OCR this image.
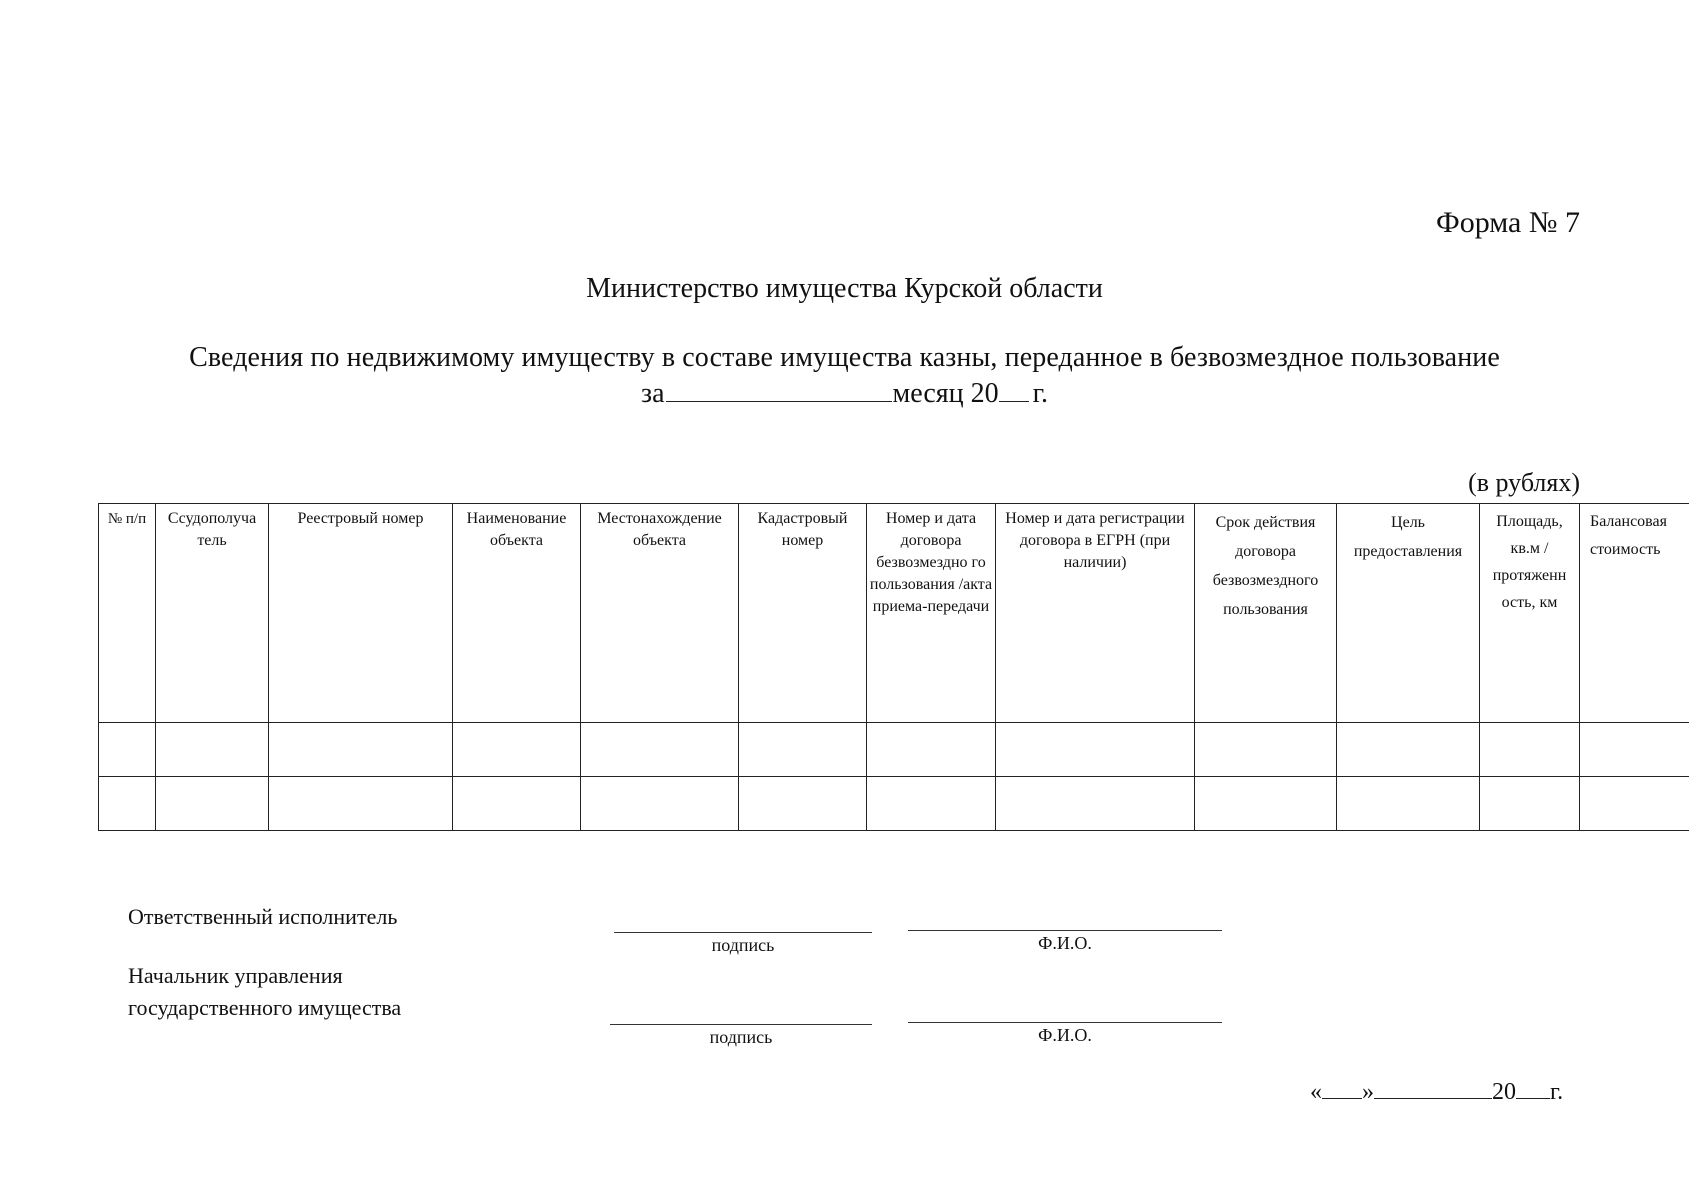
Форма № 7
Министерство имущества Курской области
Сведения по недвижимому имуществу в составе имущества казны, переданное в безвозмездное пользование
за	месяц 20 г.
(в рублях)
№ п/п	Ссудополуча тель	Реестровый номер	Наименование объекта	Местонахождение объекта	Кадастровый номер	Номер и дата договора безвозмездно го пользования /акта приема-передачи	Номер и дата регистрации договора в ЕГРН (при наличии)	Срок действия договора безвозмездного пользования	Цель предоставления	Площадь, кв.м / протяженн ость, км	Балансовая стоимость

Ответственный исполнитель
подпись	Ф.И.О.
Начальник управления
государственного имущества
подпись	Ф.И.О.
« »	20 г.
